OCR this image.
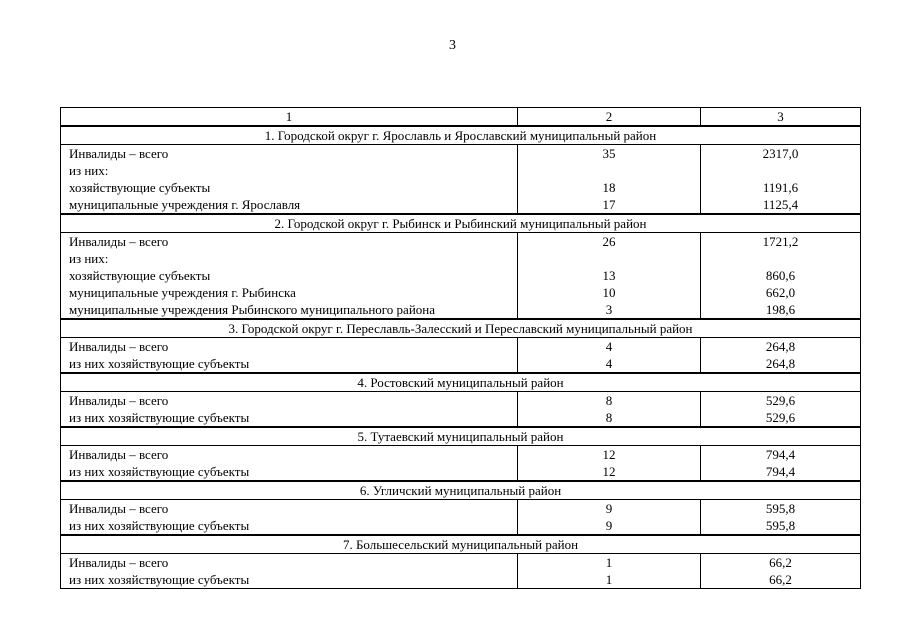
3
1	2	3
1. Городской округ г. Ярославль и Ярославский муниципальный район		
Инвалиды – всего	35	2317,0
из них:		
хозяйствующие субъекты	18	1191,6
муниципальные учреждения г. Ярославля	17	1125,4
2. Городской округ г. Рыбинск и Рыбинский муниципальный район		
Инвалиды – всего	26	1721,2
из них:		
хозяйствующие субъекты	13	860,6
муниципальные учреждения г. Рыбинска	10	662,0
муниципальные учреждения Рыбинского муниципального района	3	198,6
3. Городской округ г. Переславль-Залесский и Переславский муниципальный район		
Инвалиды – всего	4	264,8
из них хозяйствующие субъекты	4	264,8
4. Ростовский муниципальный район		
Инвалиды – всего	8	529,6
из них хозяйствующие субъекты	8	529,6
5. Тутаевский муниципальный район		
Инвалиды – всего	12	794,4
из них хозяйствующие субъекты	12	794,4
6. Угличский муниципальный район		
Инвалиды – всего	9	595,8
из них хозяйствующие субъекты	9	595,8
7. Большесельский муниципальный район		
Инвалиды – всего	1	66,2
из них хозяйствующие субъекты	1	66,2
